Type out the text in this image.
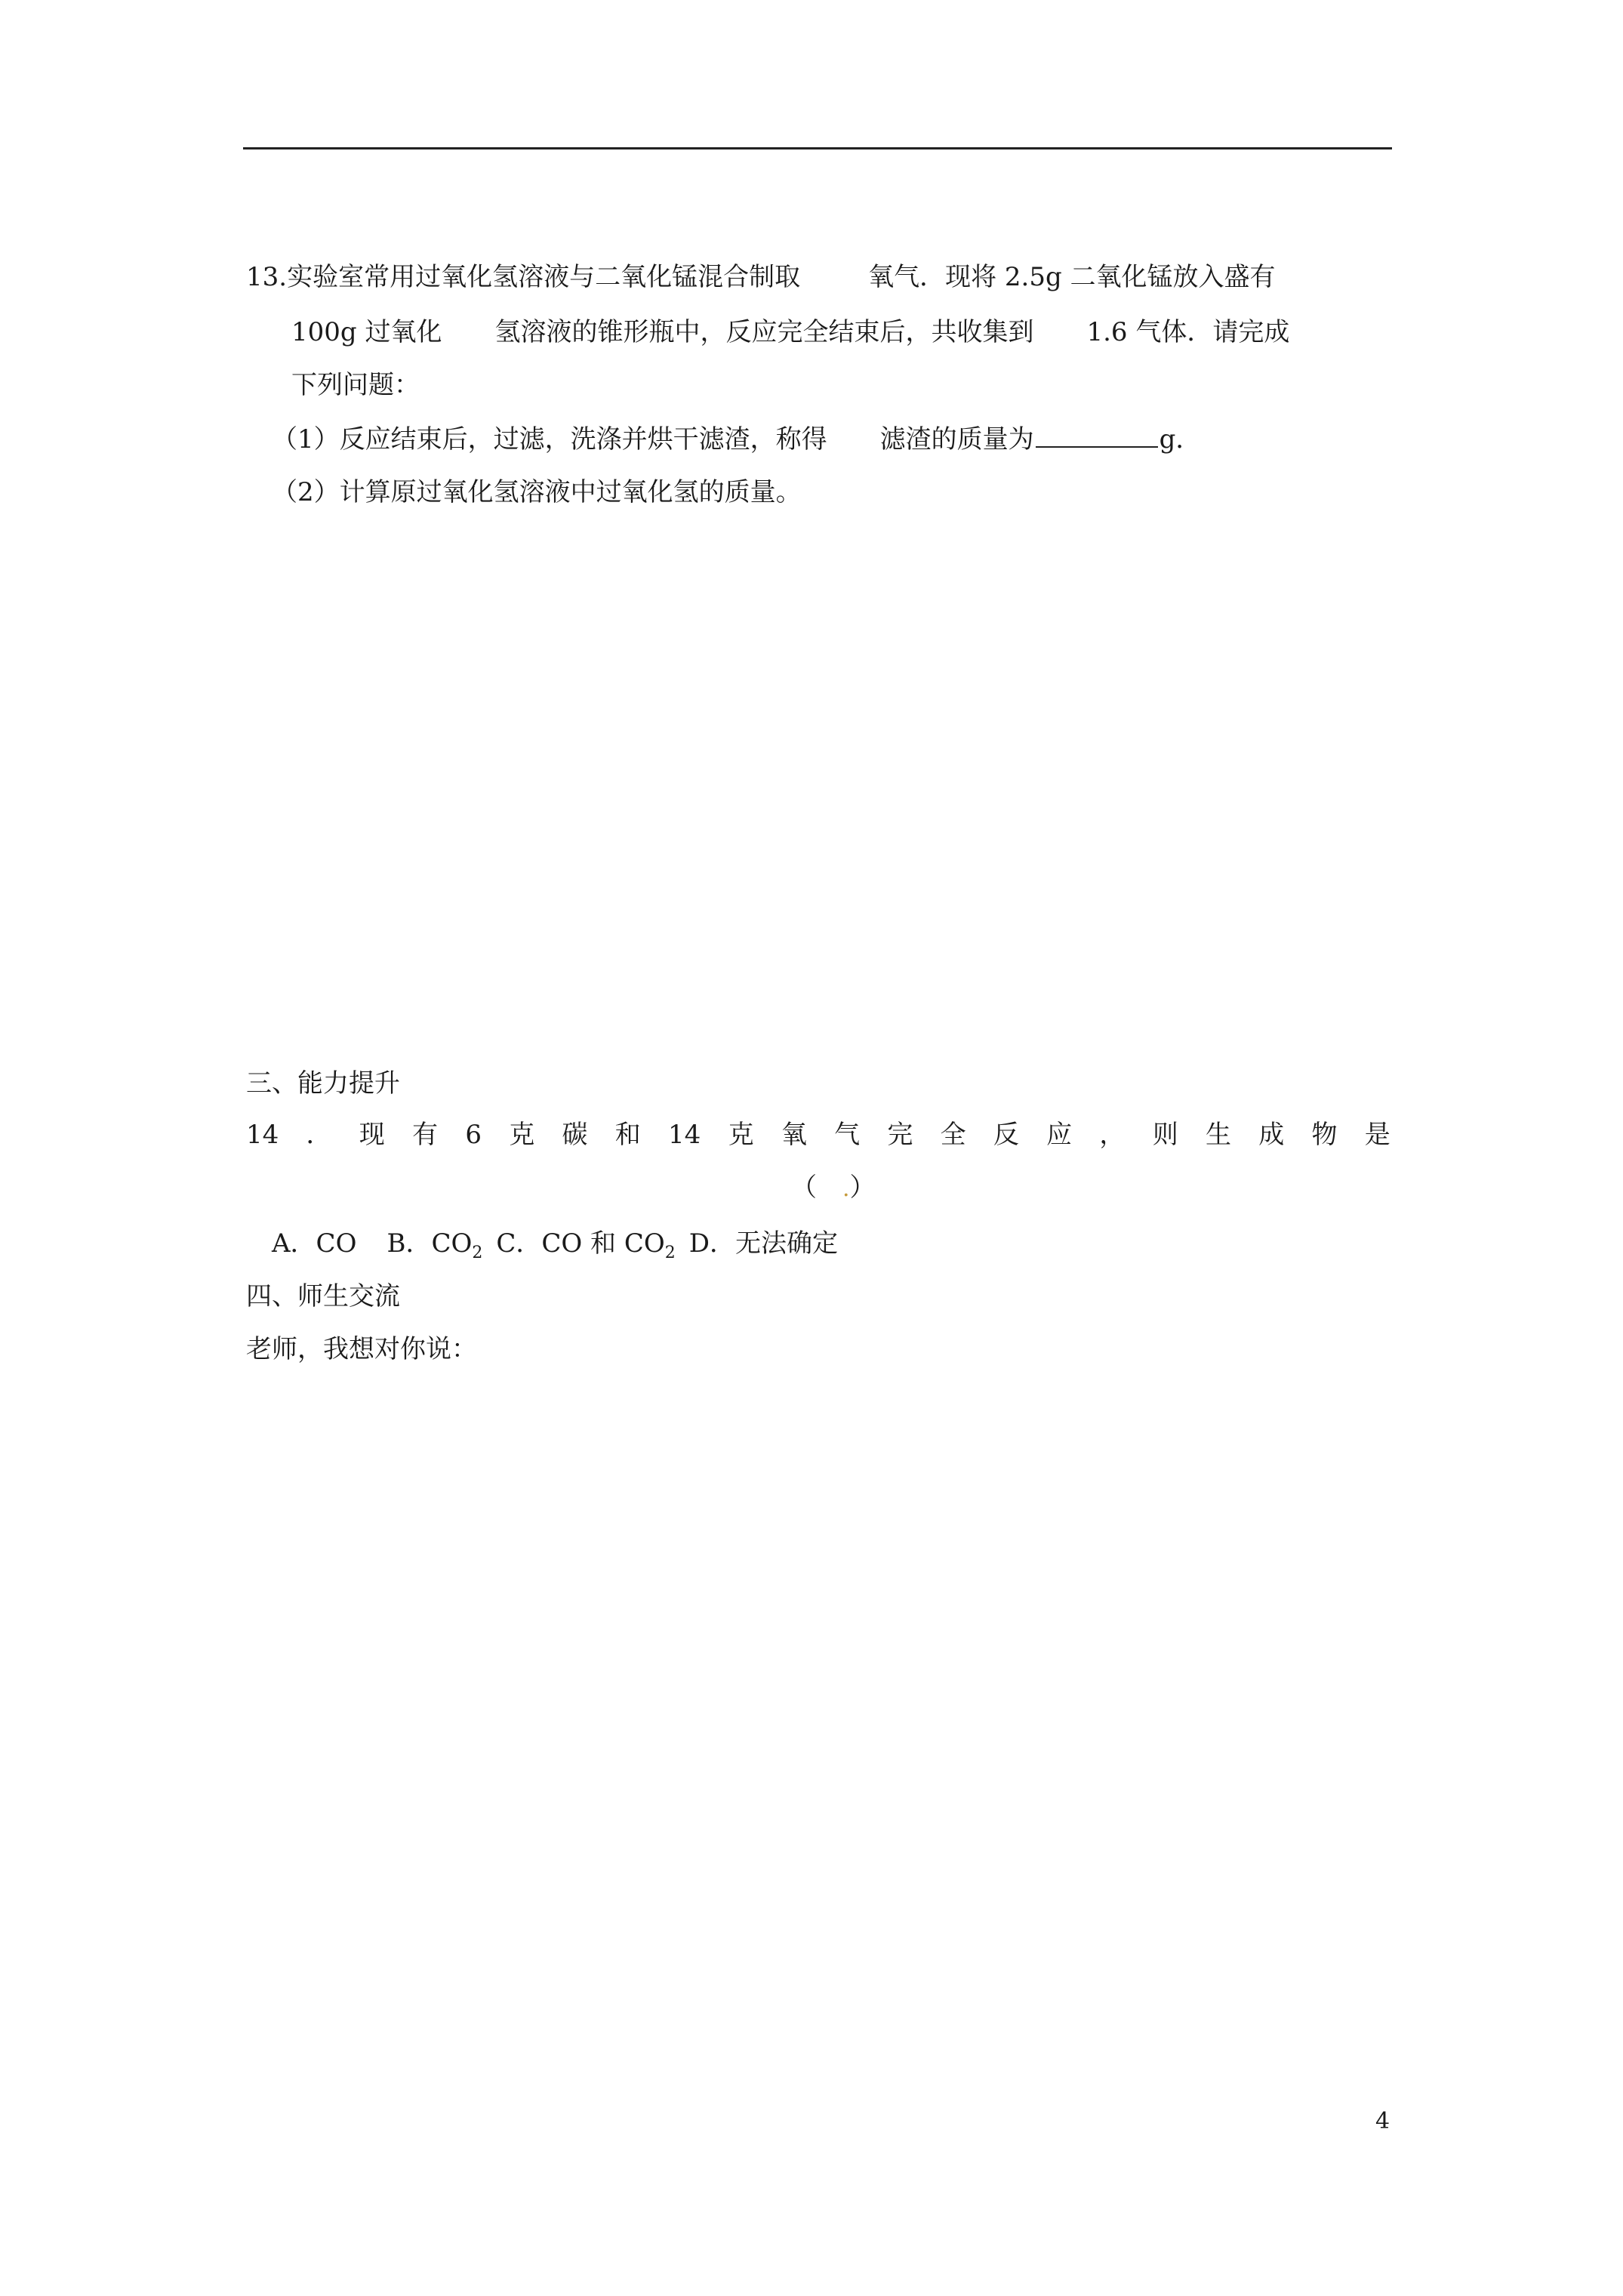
13.实验室常用过氧化氢溶液与二氧化锰混合制取	氧气．现将 2.5g 二氧化锰放入盛有
100g 过氧化 氢溶液的锥形瓶中，反应完全结束后，共收集到 1.6 气体．请完成
下列问题：
（1）反应结束后，过滤，洗涤并烘干滤渣，称得 滤渣的质量为	g．
（2）计算原过氧化氢溶液中过氧化氢的质量。
三、能力提升
14 ． 现 有 6 克 碳 和 14 克 氧 气 完 全 反 应 ， 则 生 成 物 是
（ .）
A．CO B．$CO_2$ C．CO 和 $CO_2$ D．无法确定
四、师生交流
老师，我想对你说：
4
